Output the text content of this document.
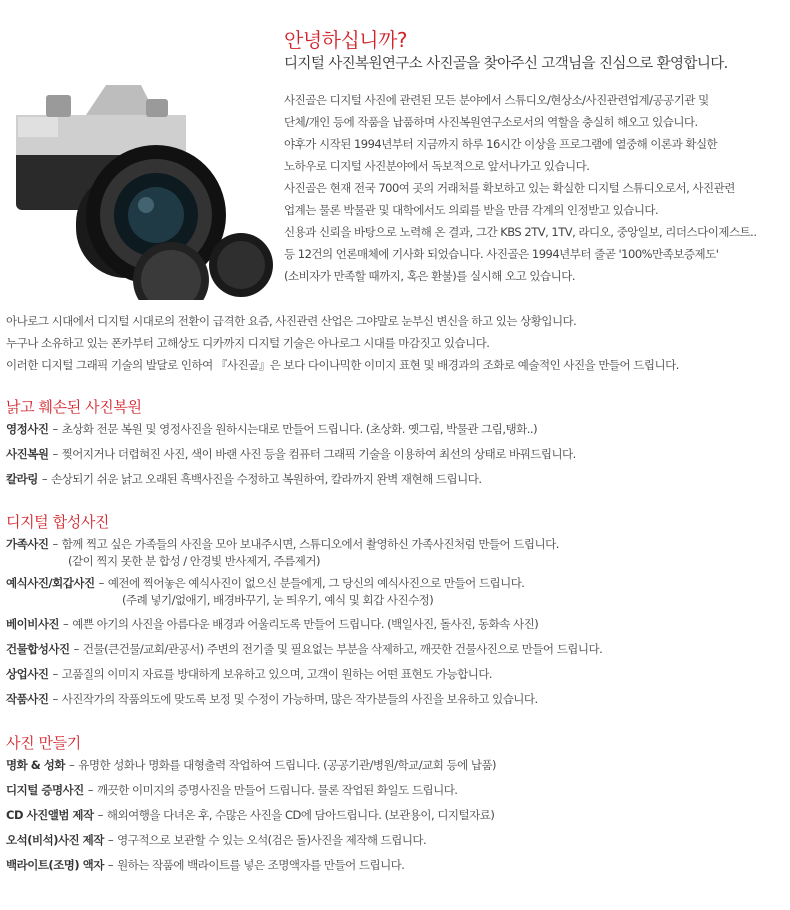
안녕하십니까?
디지털 사진복원연구소 사진골을 찾아주신 고객님을 진심으로 환영합니다.
사진골은 디지털 사진에 관련된 모든 분야에서 스튜디오/현상소/사진관련업계/공공기관 및
단체/개인 등에 작품을 납품하며 사진복원연구소로서의 역할을 충실히 해오고 있습니다.
야후가 시작된 1994년부터 지금까지 하루 16시간 이상을 프로그램에 열중해 이론과 확실한
노하우로 디지털 사진분야에서 독보적으로 앞서나가고 있습니다.
사진골은 현재 전국 700여 곳의 거래처를 확보하고 있는 확실한 디지털 스튜디오로서, 사진관련
업계는 물론 박물관 및 대학에서도 의뢰를 받을 만큼 각계의 인정받고 있습니다.
신용과 신뢰을 바탕으로 노력해 온 결과, 그간 KBS 2TV, 1TV, 라디오, 중앙일보, 리더스다이제스트..
등 12건의 언론매체에 기사화 되었습니다. 사진골은 1994년부터 줄곧 '100%만족보증제도'
(소비자가 만족할 때까지, 혹은 환불)를 실시해 오고 있습니다.
아나로그 시대에서 디지털 시대로의 전환이 급격한 요즘, 사진관련 산업은 그야말로 눈부신 변신을 하고 있는 상황입니다.
누구나 소유하고 있는 폰카부터 고해상도 디카까지 디지털 기술은 아나로그 시대를 마감짓고 있습니다.
이러한 디지털 그래픽 기술의 발달로 인하여 『사진골』은 보다 다이나믹한 이미지 표현 및 배경과의 조화로 예술적인 사진을 만들어 드립니다.
낡고 훼손된 사진복원
영정사진 – 초상화 전문 복원 및 영정사진을 원하시는대로 만들어 드립니다. (초상화. 옛그림, 박물관 그림,탱화..)
사진복원 – 찢어지거나 더렵혀진 사진, 색이 바랜 사진 등을 컴퓨터 그래픽 기술을 이용하여 최선의 상태로 바꿔드립니다.
칼라링 – 손상되기 쉬운 낡고 오래된 흑백사진을 수정하고 복원하여, 칼라까지 완벽 재현해 드립니다.
디지털 합성사진
가족사진 – 함께 찍고 싶은 가족들의 사진을 모아 보내주시면, 스튜디오에서 촬영하신 가족사진처럼 만들어 드립니다.
(같이 찍지 못한 분 합성 / 안경빛 반사제거, 주름제거)
예식사진/회갑사진 – 예전에 찍어놓은 예식사진이 없으신 분들에게, 그 당신의 예식사진으로 만들어 드립니다.
(주례 넣기/없애기, 배경바꾸기, 눈 띄우기, 예식 및 회갑 사진수정)
베이비사진 – 예쁜 아기의 사진을 아름다운 배경과 어울리도록 만들어 드립니다. (백일사진, 돌사진, 동화속 사진)
건물합성사진 – 건물(큰건물/교회/관공서) 주변의 전기줄 및 필요없는 부분을 삭제하고, 깨끗한 건물사진으로 만들어 드립니다.
상업사진 – 고품질의 이미지 자료를 방대하게 보유하고 있으며, 고객이 원하는 어떤 표현도 가능합니다.
작품사진 – 사진작가의 작품의도에 맞도록 보정 및 수정이 가능하며, 많은 작가분들의 사진을 보유하고 있습니다.
사진 만들기
명화 & 성화 – 유명한 성화나 명화를 대형출력 작업하여 드립니다. (공공기관/병원/학교/교회 등에 납품)
디지털 증명사진 – 깨끗한 이미지의 증명사진을 만들어 드립니다. 물론 작업된 화일도 드립니다.
CD 사진앨범 제작 – 해외여행을 다녀온 후, 수많은 사진을 CD에 담아드립니다. (보관용이, 디지털자료)
오석(비석)사진 제작 – 영구적으로 보관할 수 있는 오석(검은 돌)사진을 제작해 드립니다.
백라이트(조명) 액자 – 원하는 작품에 백라이트를 넣은 조명액자를 만들어 드립니다.
